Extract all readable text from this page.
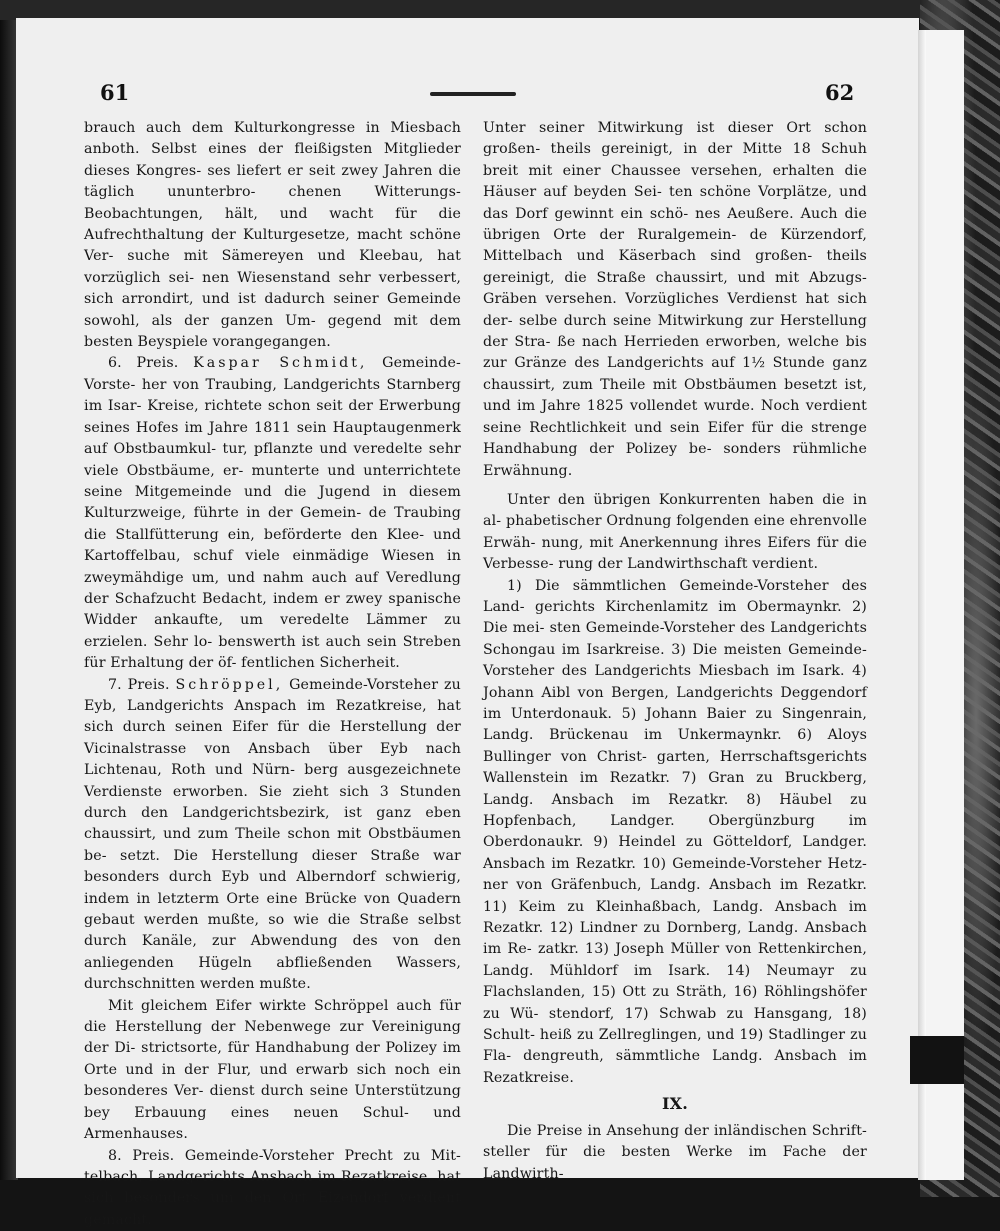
61	62

brauch auch dem Kulturkongresse in Miesbach anboth. Selbst eines der fleißigsten Mitglieder dieses Kongres- ses liefert er seit zwey Jahren die täglich ununterbro- chenen Witterungs-Beobachtungen, hält, und wacht für die Aufrechthaltung der Kulturgesetze, macht schöne Ver- suche mit Sämereyen und Kleebau, hat vorzüglich sei- nen Wiesenstand sehr verbessert, sich arrondirt, und ist dadurch seiner Gemeinde sowohl, als der ganzen Um- gegend mit dem besten Beyspiele vorangegangen.

6. Preis. Kaspar Schmidt, Gemeinde-Vorste- her von Traubing, Landgerichts Starnberg im Isar- Kreise, richtete schon seit der Erwerbung seines Hofes im Jahre 1811 sein Hauptaugenmerk auf Obstbaumkul- tur, pflanzte und veredelte sehr viele Obstbäume, er- munterte und unterrichtete seine Mitgemeinde und die Jugend in diesem Kulturzweige, führte in der Gemein- de Traubing die Stallfütterung ein, beförderte den Klee- und Kartoffelbau, schuf viele einmädige Wiesen in zweymähdige um, und nahm auch auf Veredlung der Schafzucht Bedacht, indem er zwey spanische Widder ankaufte, um veredelte Lämmer zu erzielen. Sehr lo- benswerth ist auch sein Streben für Erhaltung der öf- fentlichen Sicherheit.

7. Preis. Schröppel, Gemeinde-Vorsteher zu Eyb, Landgerichts Anspach im Rezatkreise, hat sich durch seinen Eifer für die Herstellung der Vicinalstrasse von Ansbach über Eyb nach Lichtenau, Roth und Nürn- berg ausgezeichnete Verdienste erworben. Sie zieht sich 3 Stunden durch den Landgerichtsbezirk, ist ganz eben chaussirt, und zum Theile schon mit Obstbäumen be- setzt. Die Herstellung dieser Straße war besonders durch Eyb und Alberndorf schwierig, indem in letzterm Orte eine Brücke von Quadern gebaut werden mußte, so wie die Straße selbst durch Kanäle, zur Abwendung des von den anliegenden Hügeln abfließenden Wassers, durchschnitten werden mußte.

Mit gleichem Eifer wirkte Schröppel auch für die Herstellung der Nebenwege zur Vereinigung der Di- strictsorte, für Handhabung der Polizey im Orte und in der Flur, und erwarb sich noch ein besonderes Ver- dienst durch seine Unterstützung bey Erbauung eines neuen Schul- und Armenhauses.

8. Preis. Gemeinde-Vorsteher Precht zu Mit- telbach, Landgerichts Ansbach im Rezatkreise, hat sich besonders um den Ort Eizendorf verdient gemacht.

Unter seiner Mitwirkung ist dieser Ort schon großen- theils gereinigt, in der Mitte 18 Schuh breit mit einer Chaussee versehen, erhalten die Häuser auf beyden Sei- ten schöne Vorplätze, und das Dorf gewinnt ein schö- nes Aeußere. Auch die übrigen Orte der Ruralgemein- de Kürzendorf, Mittelbach und Käserbach sind großen- theils gereinigt, die Straße chaussirt, und mit Abzugs- Gräben versehen. Vorzügliches Verdienst hat sich der- selbe durch seine Mitwirkung zur Herstellung der Stra- ße nach Herrieden erworben, welche bis zur Gränze des Landgerichts auf 1½ Stunde ganz chaussirt, zum Theile mit Obstbäumen besetzt ist, und im Jahre 1825 vollendet wurde. Noch verdient seine Rechtlichkeit und sein Eifer für die strenge Handhabung der Polizey be- sonders rühmliche Erwähnung.

Unter den übrigen Konkurrenten haben die in al- phabetischer Ordnung folgenden eine ehrenvolle Erwäh- nung, mit Anerkennung ihres Eifers für die Verbesse- rung der Landwirthschaft verdient.

1) Die sämmtlichen Gemeinde-Vorsteher des Land- gerichts Kirchenlamitz im Obermaynkr. 2) Die mei- sten Gemeinde-Vorsteher des Landgerichts Schongau im Isarkreise. 3) Die meisten Gemeinde-Vorsteher des Landgerichts Miesbach im Isark. 4) Johann Aibl von Bergen, Landgerichts Deggendorf im Unterdonauk. 5) Johann Baier zu Singenrain, Landg. Brückenau im Unkermaynkr. 6) Aloys Bullinger von Christ- garten, Herrschaftsgerichts Wallenstein im Rezatkr. 7) Gran zu Bruckberg, Landg. Ansbach im Rezatkr. 8) Häubel zu Hopfenbach, Landger. Obergünzburg im Oberdonaukr. 9) Heindel zu Götteldorf, Landger. Ansbach im Rezatkr. 10) Gemeinde-Vorsteher Hetz- ner von Gräfenbuch, Landg. Ansbach im Rezatkr. 11) Keim zu Kleinhaßbach, Landg. Ansbach im Rezatkr. 12) Lindner zu Dornberg, Landg. Ansbach im Re- zatkr. 13) Joseph Müller von Rettenkirchen, Landg. Mühldorf im Isark. 14) Neumayr zu Flachslanden, 15) Ott zu Sträth, 16) Röhlingshöfer zu Wü- stendorf, 17) Schwab zu Hansgang, 18) Schult- heiß zu Zellreglingen, und 19) Stadlinger zu Fla- dengreuth, sämmtliche Landg. Ansbach im Rezatkreise.

IX.

Die Preise in Ansehung der inländischen Schrift- steller für die besten Werke im Fache der Landwirth-
